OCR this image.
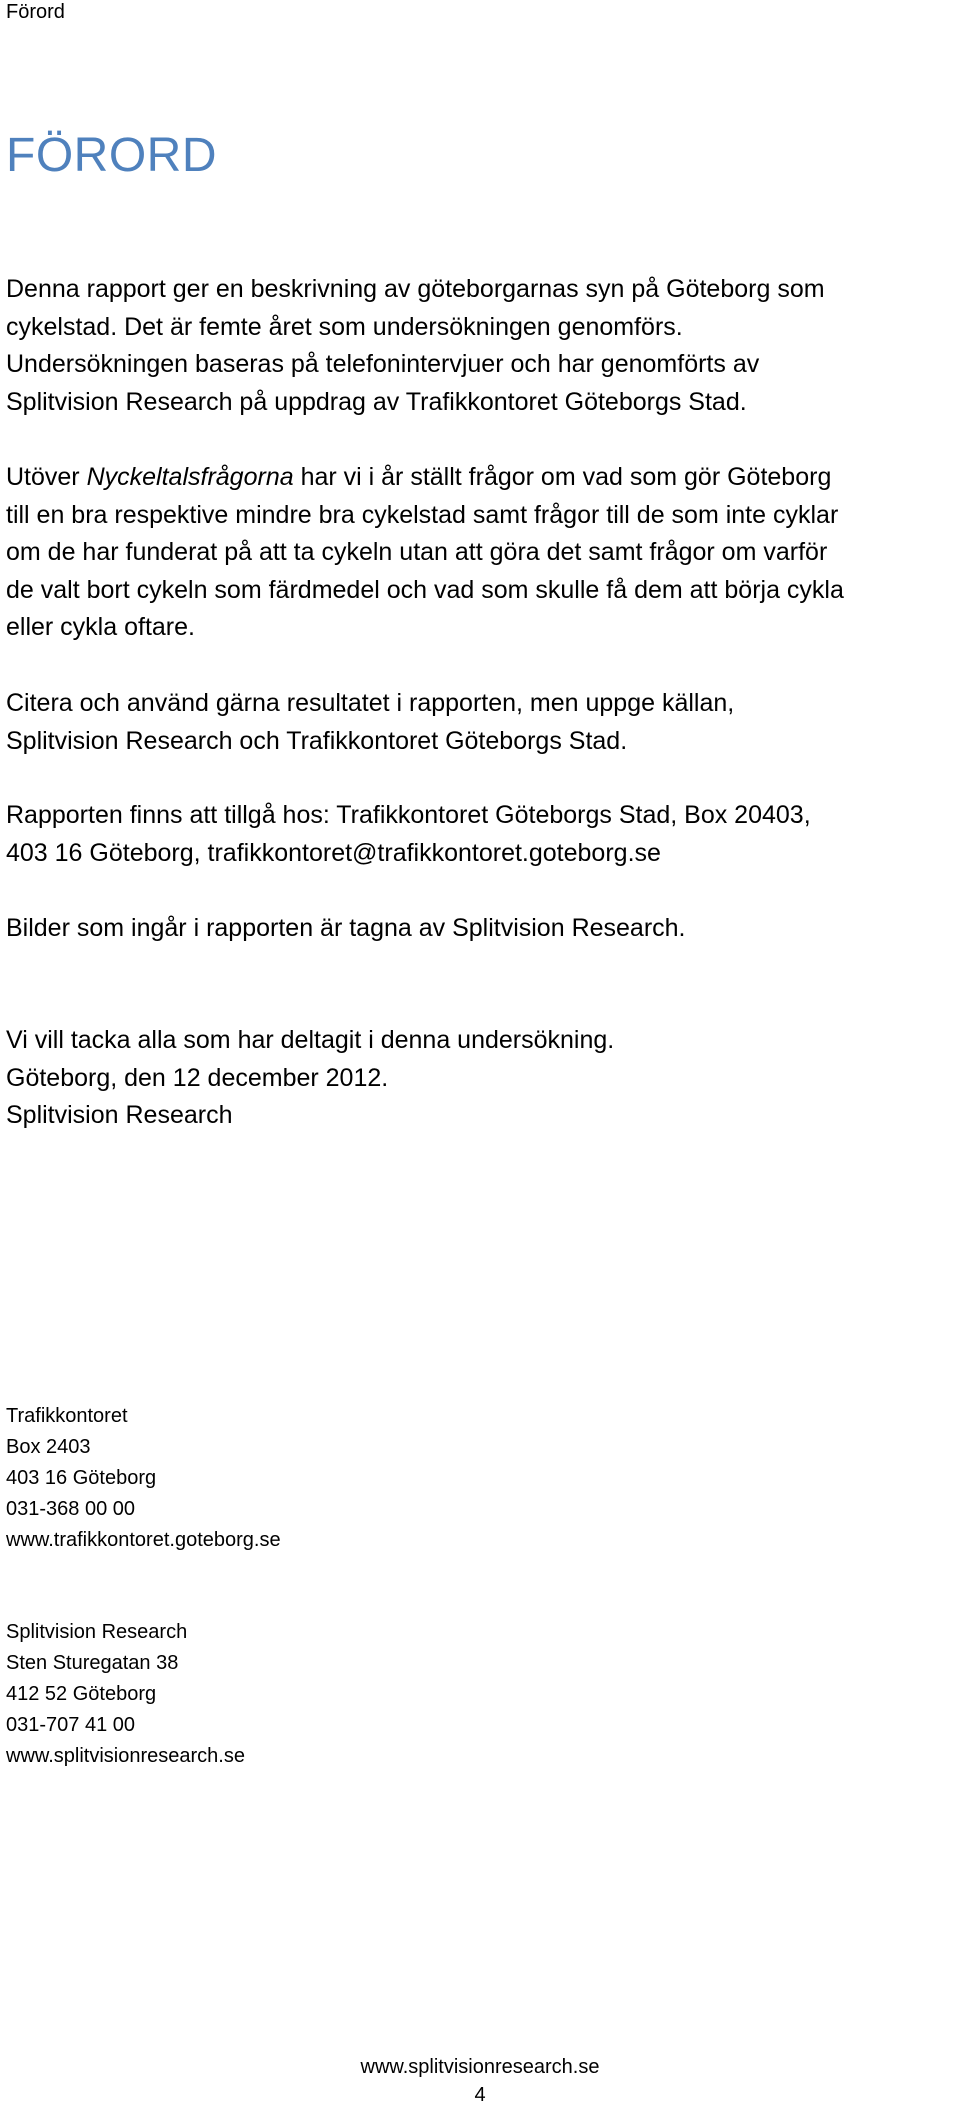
Förord
FÖRORD

Denna rapport ger en beskrivning av göteborgarnas syn på Göteborg som
cykelstad. Det är femte året som undersökningen genomförs.
Undersökningen baseras på telefonintervjuer och har genomförts av
Splitvision Research på uppdrag av Trafikkontoret Göteborgs Stad.

Utöver Nyckeltalsfrågorna har vi i år ställt frågor om vad som gör Göteborg
till en bra respektive mindre bra cykelstad samt frågor till de som inte cyklar
om de har funderat på att ta cykeln utan att göra det samt frågor om varför
de valt bort cykeln som färdmedel och vad som skulle få dem att börja cykla
eller cykla oftare.

Citera och använd gärna resultatet i rapporten, men uppge källan,
Splitvision Research och Trafikkontoret Göteborgs Stad.

Rapporten finns att tillgå hos: Trafikkontoret Göteborgs Stad, Box 20403,
403 16 Göteborg, trafikkontoret@trafikkontoret.goteborg.se

Bilder som ingår i rapporten är tagna av Splitvision Research.

Vi vill tacka alla som har deltagit i denna undersökning.
Göteborg, den 12 december 2012.
Splitvision Research

Trafikkontoret
Box 2403
403 16 Göteborg
031-368 00 00
www.trafikkontoret.goteborg.se

Splitvision Research
Sten Sturegatan 38
412 52 Göteborg
031-707 41 00
www.splitvisionresearch.se

www.splitvisionresearch.se
4
